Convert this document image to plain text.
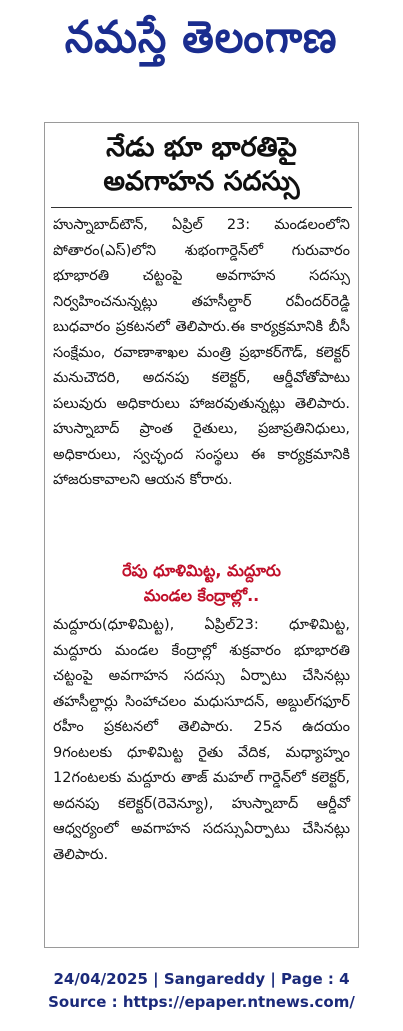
నమస్తే తెలంగాణ
నేడు భూ భారతిపై
అవగాహన సదస్సు

హుస్నాబాద్‌టౌన్‌, ఏప్రిల్‌ 23: మండలంలోని పోతారం(ఎస్‌)లోని శుభంగార్డెన్‌లో గురువారం భూభారతి చట్టంపై అవగాహన సదస్సు నిర్వహించనున్నట్లు తహసీల్దార్‌ రవీందర్‌రెడ్డి బుధవారం ప్రకటనలో తెలిపారు.ఈ కార్యక్రమానికి బీసీ సంక్షేమం, రవాణాశాఖల మంత్రి ప్రభాకర్‌గౌడ్‌, కలెక్టర్‌ మనుచౌదరి, అదనపు కలెక్టర్‌, ఆర్డీవోతోపాటు పలువురు అధికారులు హాజరవుతున్నట్లు తెలిపారు. హుస్నాబాద్‌ ప్రాంత రైతులు, ప్రజాప్రతినిధులు, అధికారులు, స్వచ్ఛంద సంస్థలు ఈ కార్యక్రమానికి హాజరుకావాలని ఆయన కోరారు.

రేపు ధూళిమిట్ట, మద్దూరు
మండల కేంద్రాల్లో..

మద్దూరు(ధూళిమిట్ట), ఏప్రిల్‌23: ధూళిమిట్ట, మద్దూరు మండల కేంద్రాల్లో శుక్రవారం భూభారతి చట్టంపై అవగాహన సదస్సు ఏర్పాటు చేసినట్లు తహసీల్దార్లు సింహాచలం మధుసూదన్‌, అబ్దుల్‌గఫూర్‌ రహీం ప్రకటనలో తెలిపారు. 25న ఉదయం 9గంటలకు ధూళిమిట్ట రైతు వేదిక, మధ్యాహ్నం 12గంటలకు మద్దూరు తాజ్‌ మహల్‌ గార్డెన్‌లో కలెక్టర్‌, అదనపు కలెక్టర్‌(రెవెన్యూ), హుస్నాబాద్‌ ఆర్డీవో ఆధ్వర్యంలో అవగాహన సదస్సుఏర్పాటు చేసినట్లు తెలిపారు.

24/04/2025 | Sangareddy | Page : 4
Source : https://epaper.ntnews.com/
